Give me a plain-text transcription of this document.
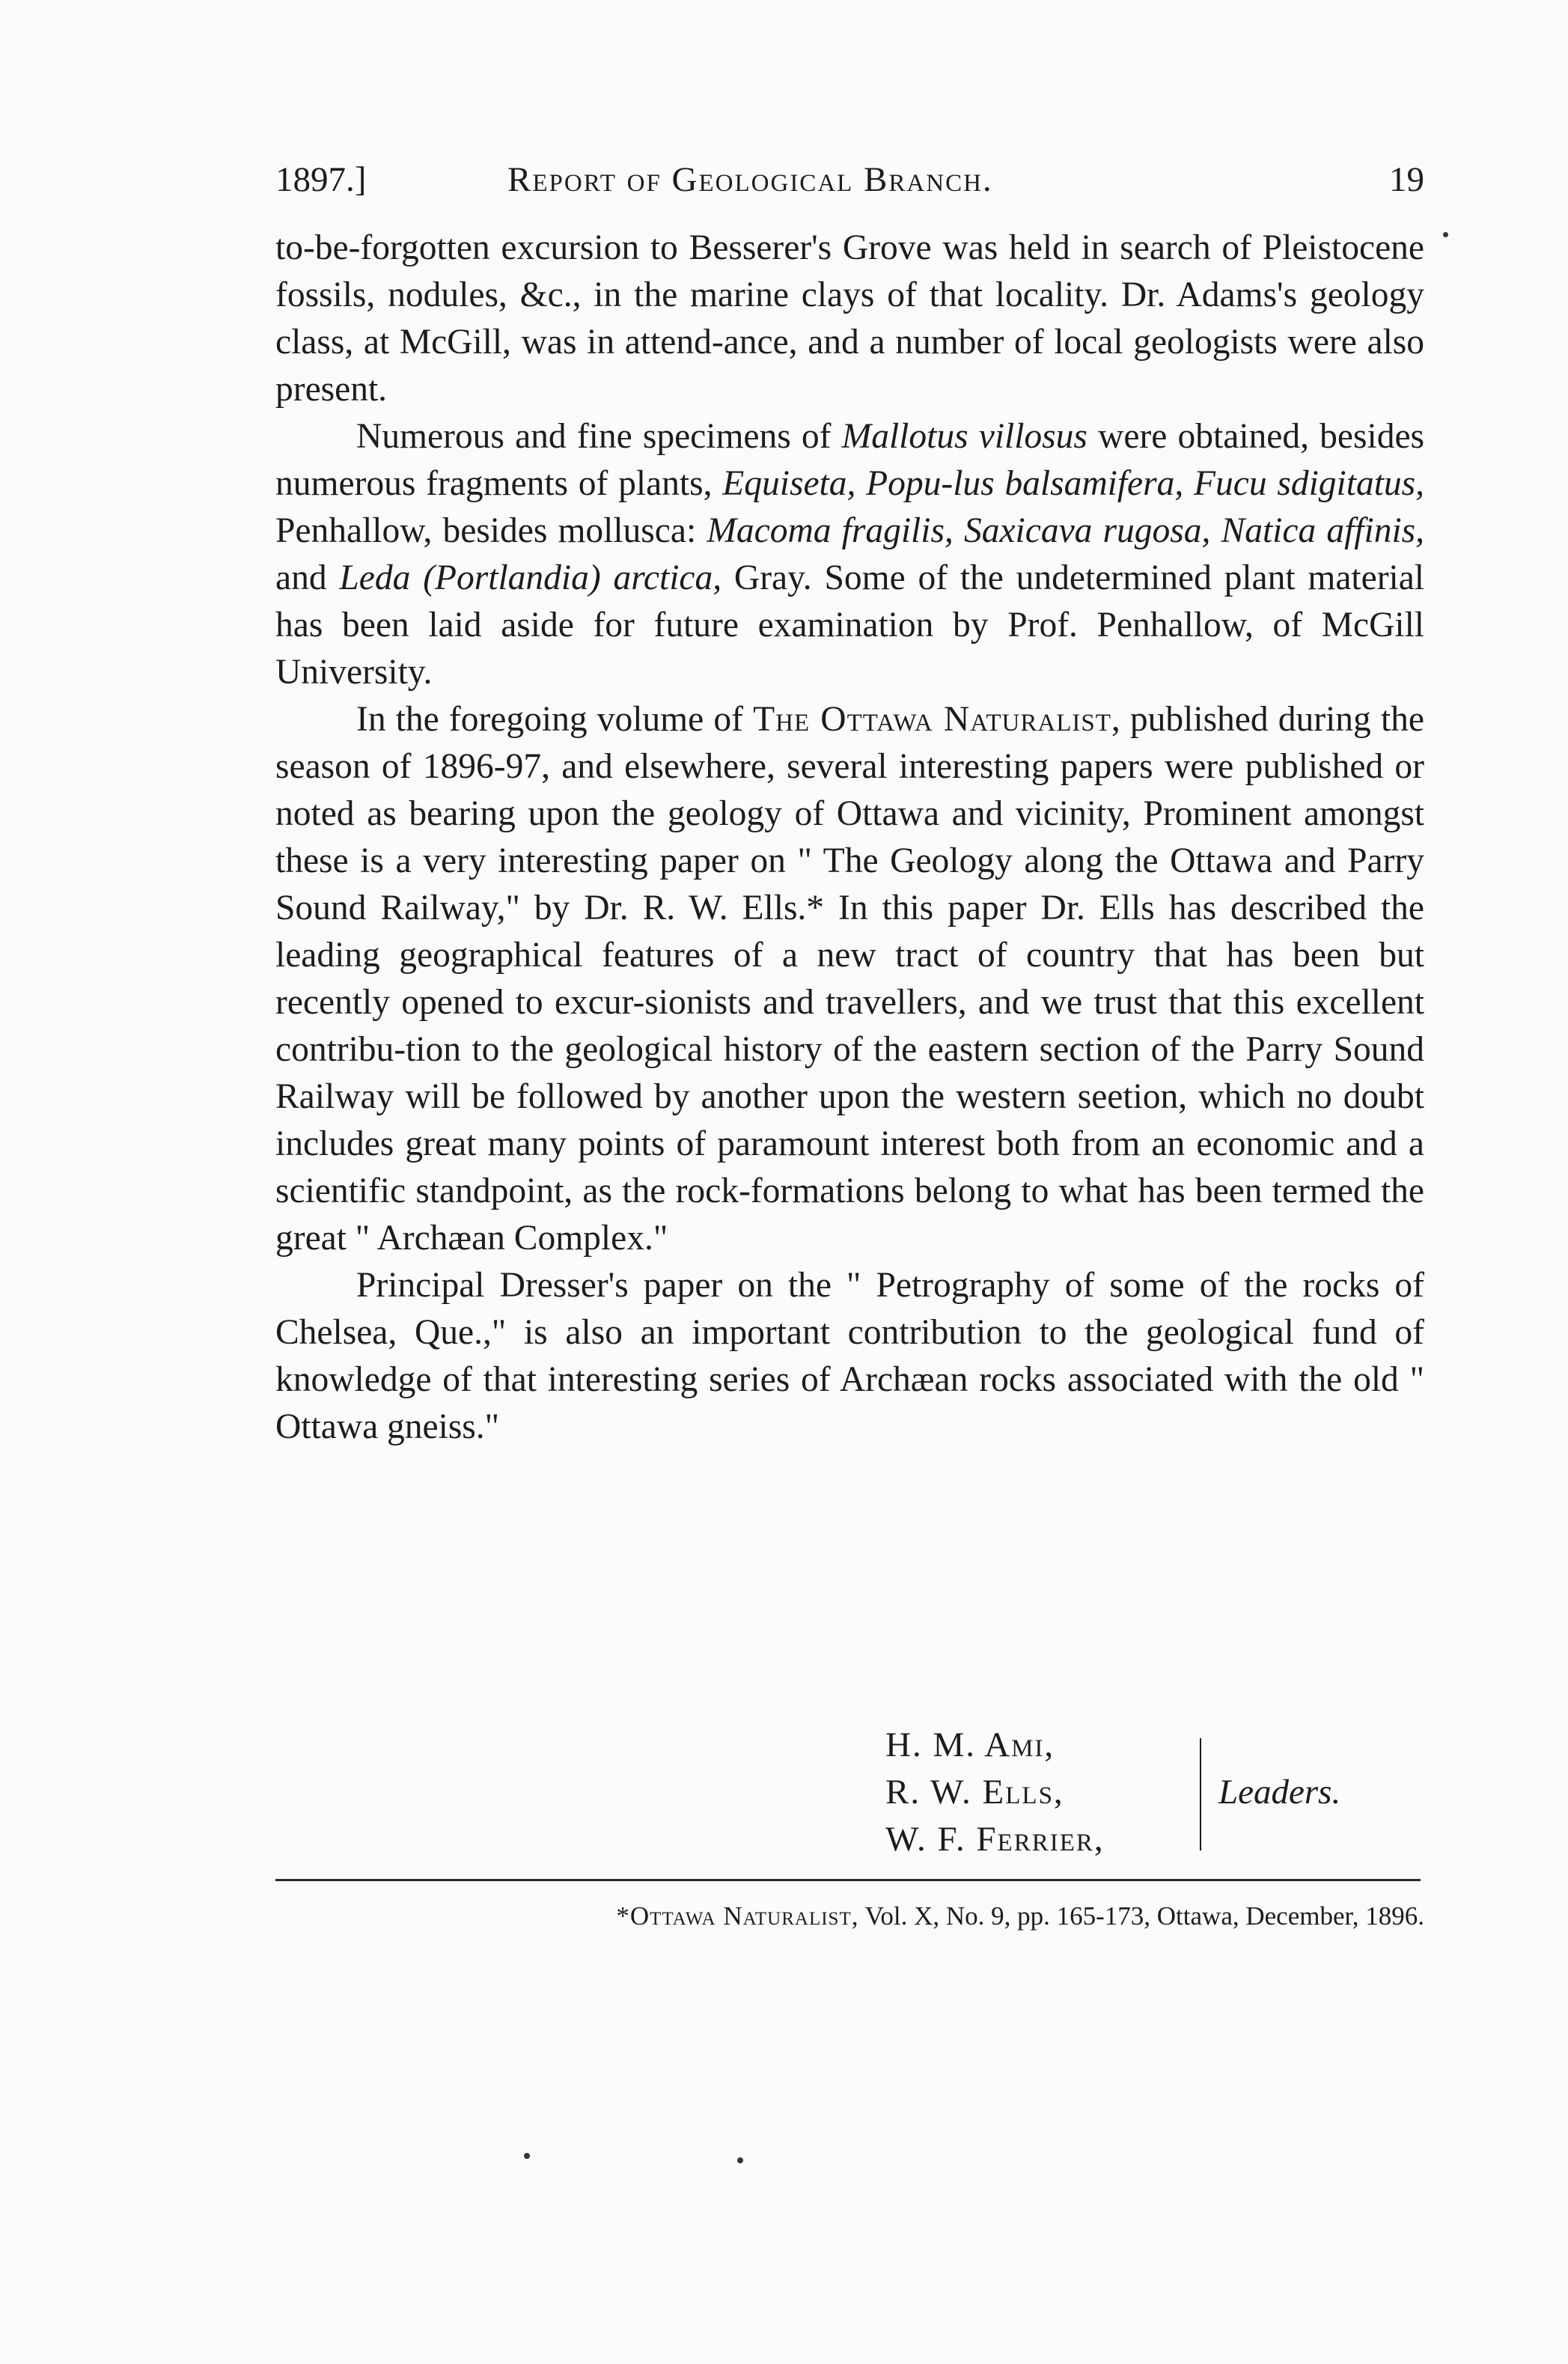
1897.]	Report of Geological Branch.	19

to-be-forgotten excursion to Besserer's Grove was held in search of Pleistocene fossils, nodules, &c., in the marine clays of that locality. Dr. Adams's geology class, at McGill, was in attend-ance, and a number of local geologists were also present.

Numerous and fine specimens of Mallotus villosus were obtained, besides numerous fragments of plants, Equiseta, Popu-lus balsamifera, Fucu sdigitatus, Penhallow, besides mollusca: Macoma fragilis, Saxicava rugosa, Natica affinis, and Leda (Portlandia) arctica, Gray. Some of the undetermined plant material has been laid aside for future examination by Prof. Penhallow, of McGill University.

In the foregoing volume of The Ottawa Naturalist, published during the season of 1896-97, and elsewhere, several interesting papers were published or noted as bearing upon the geology of Ottawa and vicinity, Prominent amongst these is a very interesting paper on " The Geology along the Ottawa and Parry Sound Railway," by Dr. R. W. Ells.* In this paper Dr. Ells has described the leading geographical features of a new tract of country that has been but recently opened to excur-sionists and travellers, and we trust that this excellent contribu-tion to the geological history of the eastern section of the Parry Sound Railway will be followed by another upon the western seetion, which no doubt includes great many points of paramount interest both from an economic and a scientific standpoint, as the rock-formations belong to what has been termed the great " Archæan Complex."

Principal Dresser's paper on the " Petrography of some of the rocks of Chelsea, Que.," is also an important contribution to the geological fund of knowledge of that interesting series of Archæan rocks associated with the old " Ottawa gneiss."

H. M. Ami,
R. W. Ells,
W. F. Ferrier,
Leaders.
*Ottawa Naturalist, Vol. X, No. 9, pp. 165-173, Ottawa, December, 1896.
